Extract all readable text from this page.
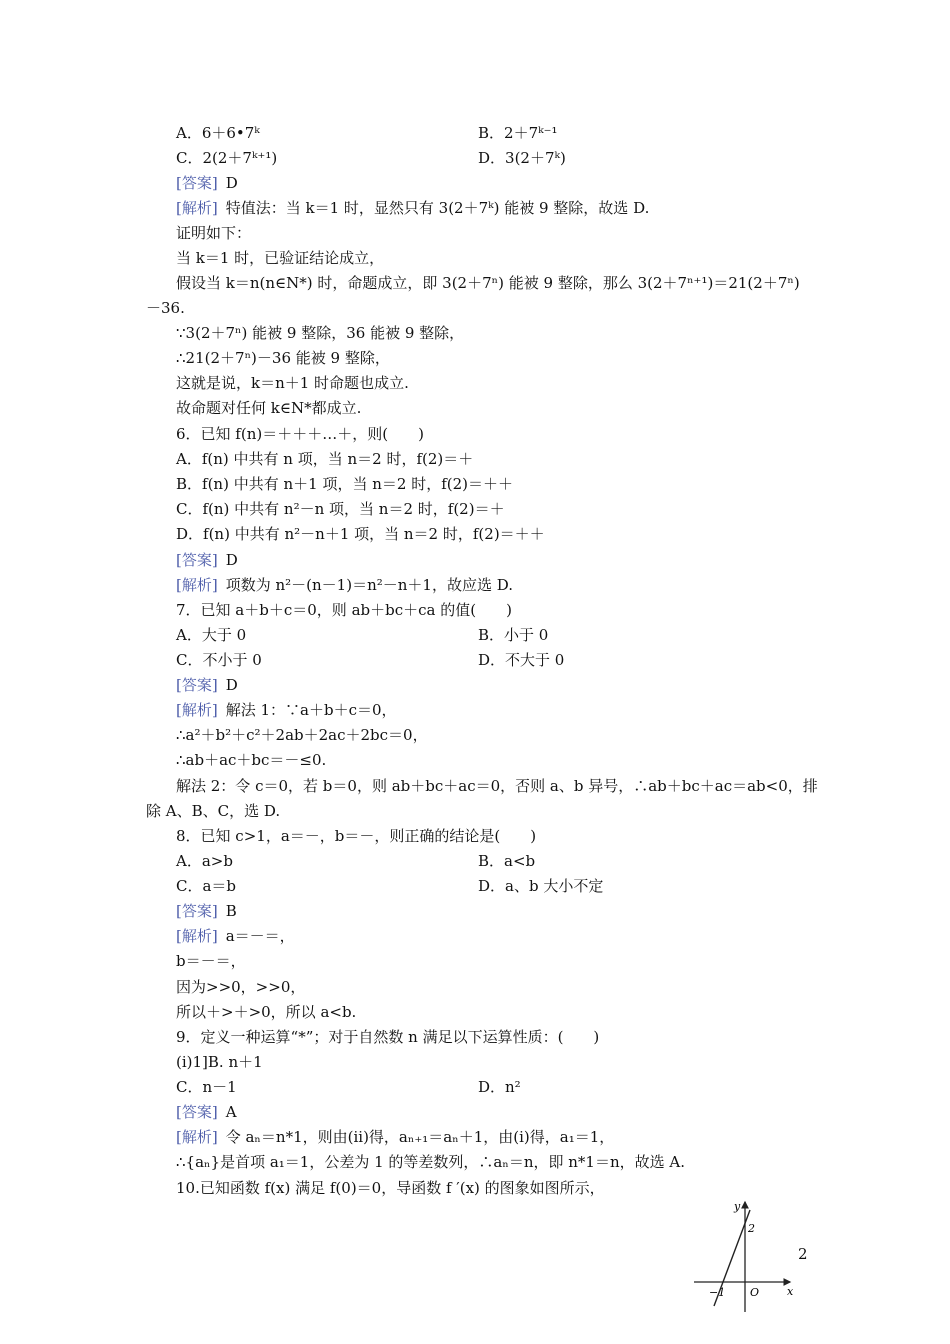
A．6＋6•7ᵏ	B．2＋7ᵏ⁻¹
C．2(2＋7ᵏ⁺¹)	D．3(2＋7ᵏ)
[答案] D
[解析] 特值法：当 k＝1 时，显然只有 3(2＋7ᵏ) 能被 9 整除，故选 D.
证明如下：
当 k＝1 时，已验证结论成立，
假设当 k＝n(n∈N*) 时，命题成立，即 3(2＋7ⁿ) 能被 9 整除，那么 3(2＋7ⁿ⁺¹)＝21(2＋7ⁿ)
－36.
∵3(2＋7ⁿ) 能被 9 整除，36 能被 9 整除，
∴21(2＋7ⁿ)－36 能被 9 整除，
这就是说，k＝n＋1 时命题也成立.
故命题对任何 k∈N*都成立.
6．已知 f(n)＝＋＋＋…＋，则(　　)
A．f(n) 中共有 n 项，当 n＝2 时，f(2)＝＋
B．f(n) 中共有 n＋1 项，当 n＝2 时，f(2)＝＋＋
C．f(n) 中共有 n²－n 项，当 n＝2 时，f(2)＝＋
D．f(n) 中共有 n²－n＋1 项，当 n＝2 时，f(2)＝＋＋
[答案] D
[解析] 项数为 n²－(n－1)＝n²－n＋1，故应选 D.
7．已知 a＋b＋c＝0，则 ab＋bc＋ca 的值(　　)
A．大于 0	B．小于 0
C．不小于 0	D．不大于 0
[答案] D
[解析] 解法 1：∵a＋b＋c＝0，
∴a²＋b²＋c²＋2ab＋2ac＋2bc＝0，
∴ab＋ac＋bc＝－≤0.
解法 2：令 c＝0，若 b＝0，则 ab＋bc＋ac＝0，否则 a、b 异号，∴ab＋bc＋ac＝ab<0，排
除 A、B、C，选 D.
8．已知 c>1，a＝－，b＝－，则正确的结论是(　　)
A．a>b	B．a<b
C．a＝b	D．a、b 大小不定
[答案] B
[解析] a＝－＝，
b＝－＝，
因为>>0，>>0，
所以＋>＋>0，所以 a<b.
9．定义一种运算“*”；对于自然数 n 满足以下运算性质：(　　)
(i)1]B. n＋1
C．n－1	D．n²
[答案] A
[解析] 令 aₙ＝n*1，则由(ii)得，aₙ₊₁＝aₙ＋1，由(i)得，a₁＝1，
∴{aₙ}是首项 a₁＝1，公差为 1 的等差数列，∴aₙ＝n，即 n*1＝n，故选 A.
10.已知函数 f(x) 满足 f(0)＝0，导函数 f ′(x) 的图象如图所示，
y
x
O
2
−1
2
